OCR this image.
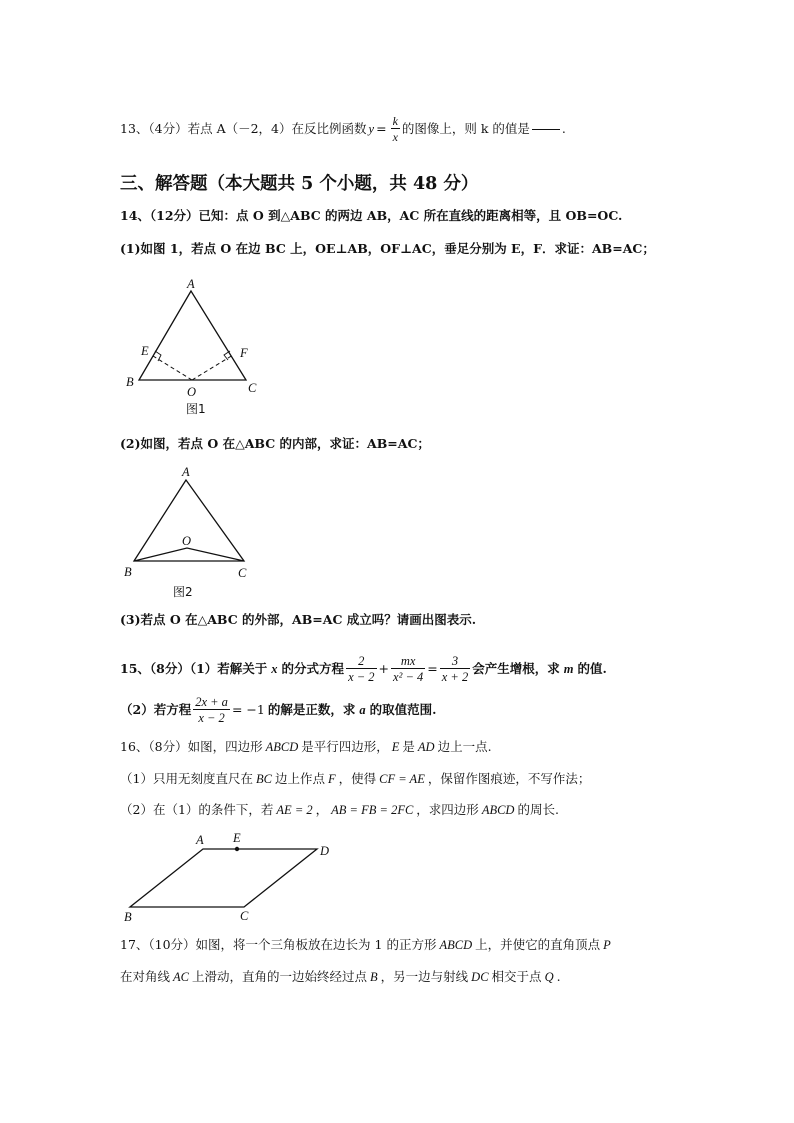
13、（4分）若点 A（－2，4）在反比例函数 $y = \frac{k}{x}$ 的图像上，则 k 的值是	.
三、解答题（本大题共 5 个小题，共 48 分）
14、（12分）已知：点 O 到△ABC 的两边 AB，AC 所在直线的距离相等，且 OB=OC.
(1)如图 1，若点 O 在边 BC 上，OE⊥AB，OF⊥AC，垂足分别为 E，F．求证：AB=AC；
A
E	F
B
O	C
图1
A
O
B	C
图2
A E
D
B	C
(2)如图，若点 O 在△ABC 的内部，求证：AB=AC；
(3)若点 O 在△ABC 的外部，AB=AC 成立吗？请画出图表示.
15、（8分）（1）若解关于 x 的分式方程 $\frac{2}{x - 2} + \frac{mx}{\text{x² − 4}} = \frac{3}{x + 2}$ 会产生增根，求 m 的值.
（2）若方程 $\frac{2x + a}{x - 2} = -1$ 的解是正数，求 a 的取值范围.
16、（8分）如图，四边形 ABCD 是平行四边形， E 是 AD 边上一点.
（1）只用无刻度直尺在 BC 边上作点 F ，使得 CF = AE ，保留作图痕迹，不写作法；
（2）在（1）的条件下，若 AE = 2 ， AB = FB = 2FC ，求四边形 ABCD 的周长.
17、（10分）如图，将一个三角板放在边长为 1 的正方形 ABCD 上，并使它的直角顶点 P
在对角线 AC 上滑动，直角的一边始终经过点 B ，另一边与射线 DC 相交于点 Q .
